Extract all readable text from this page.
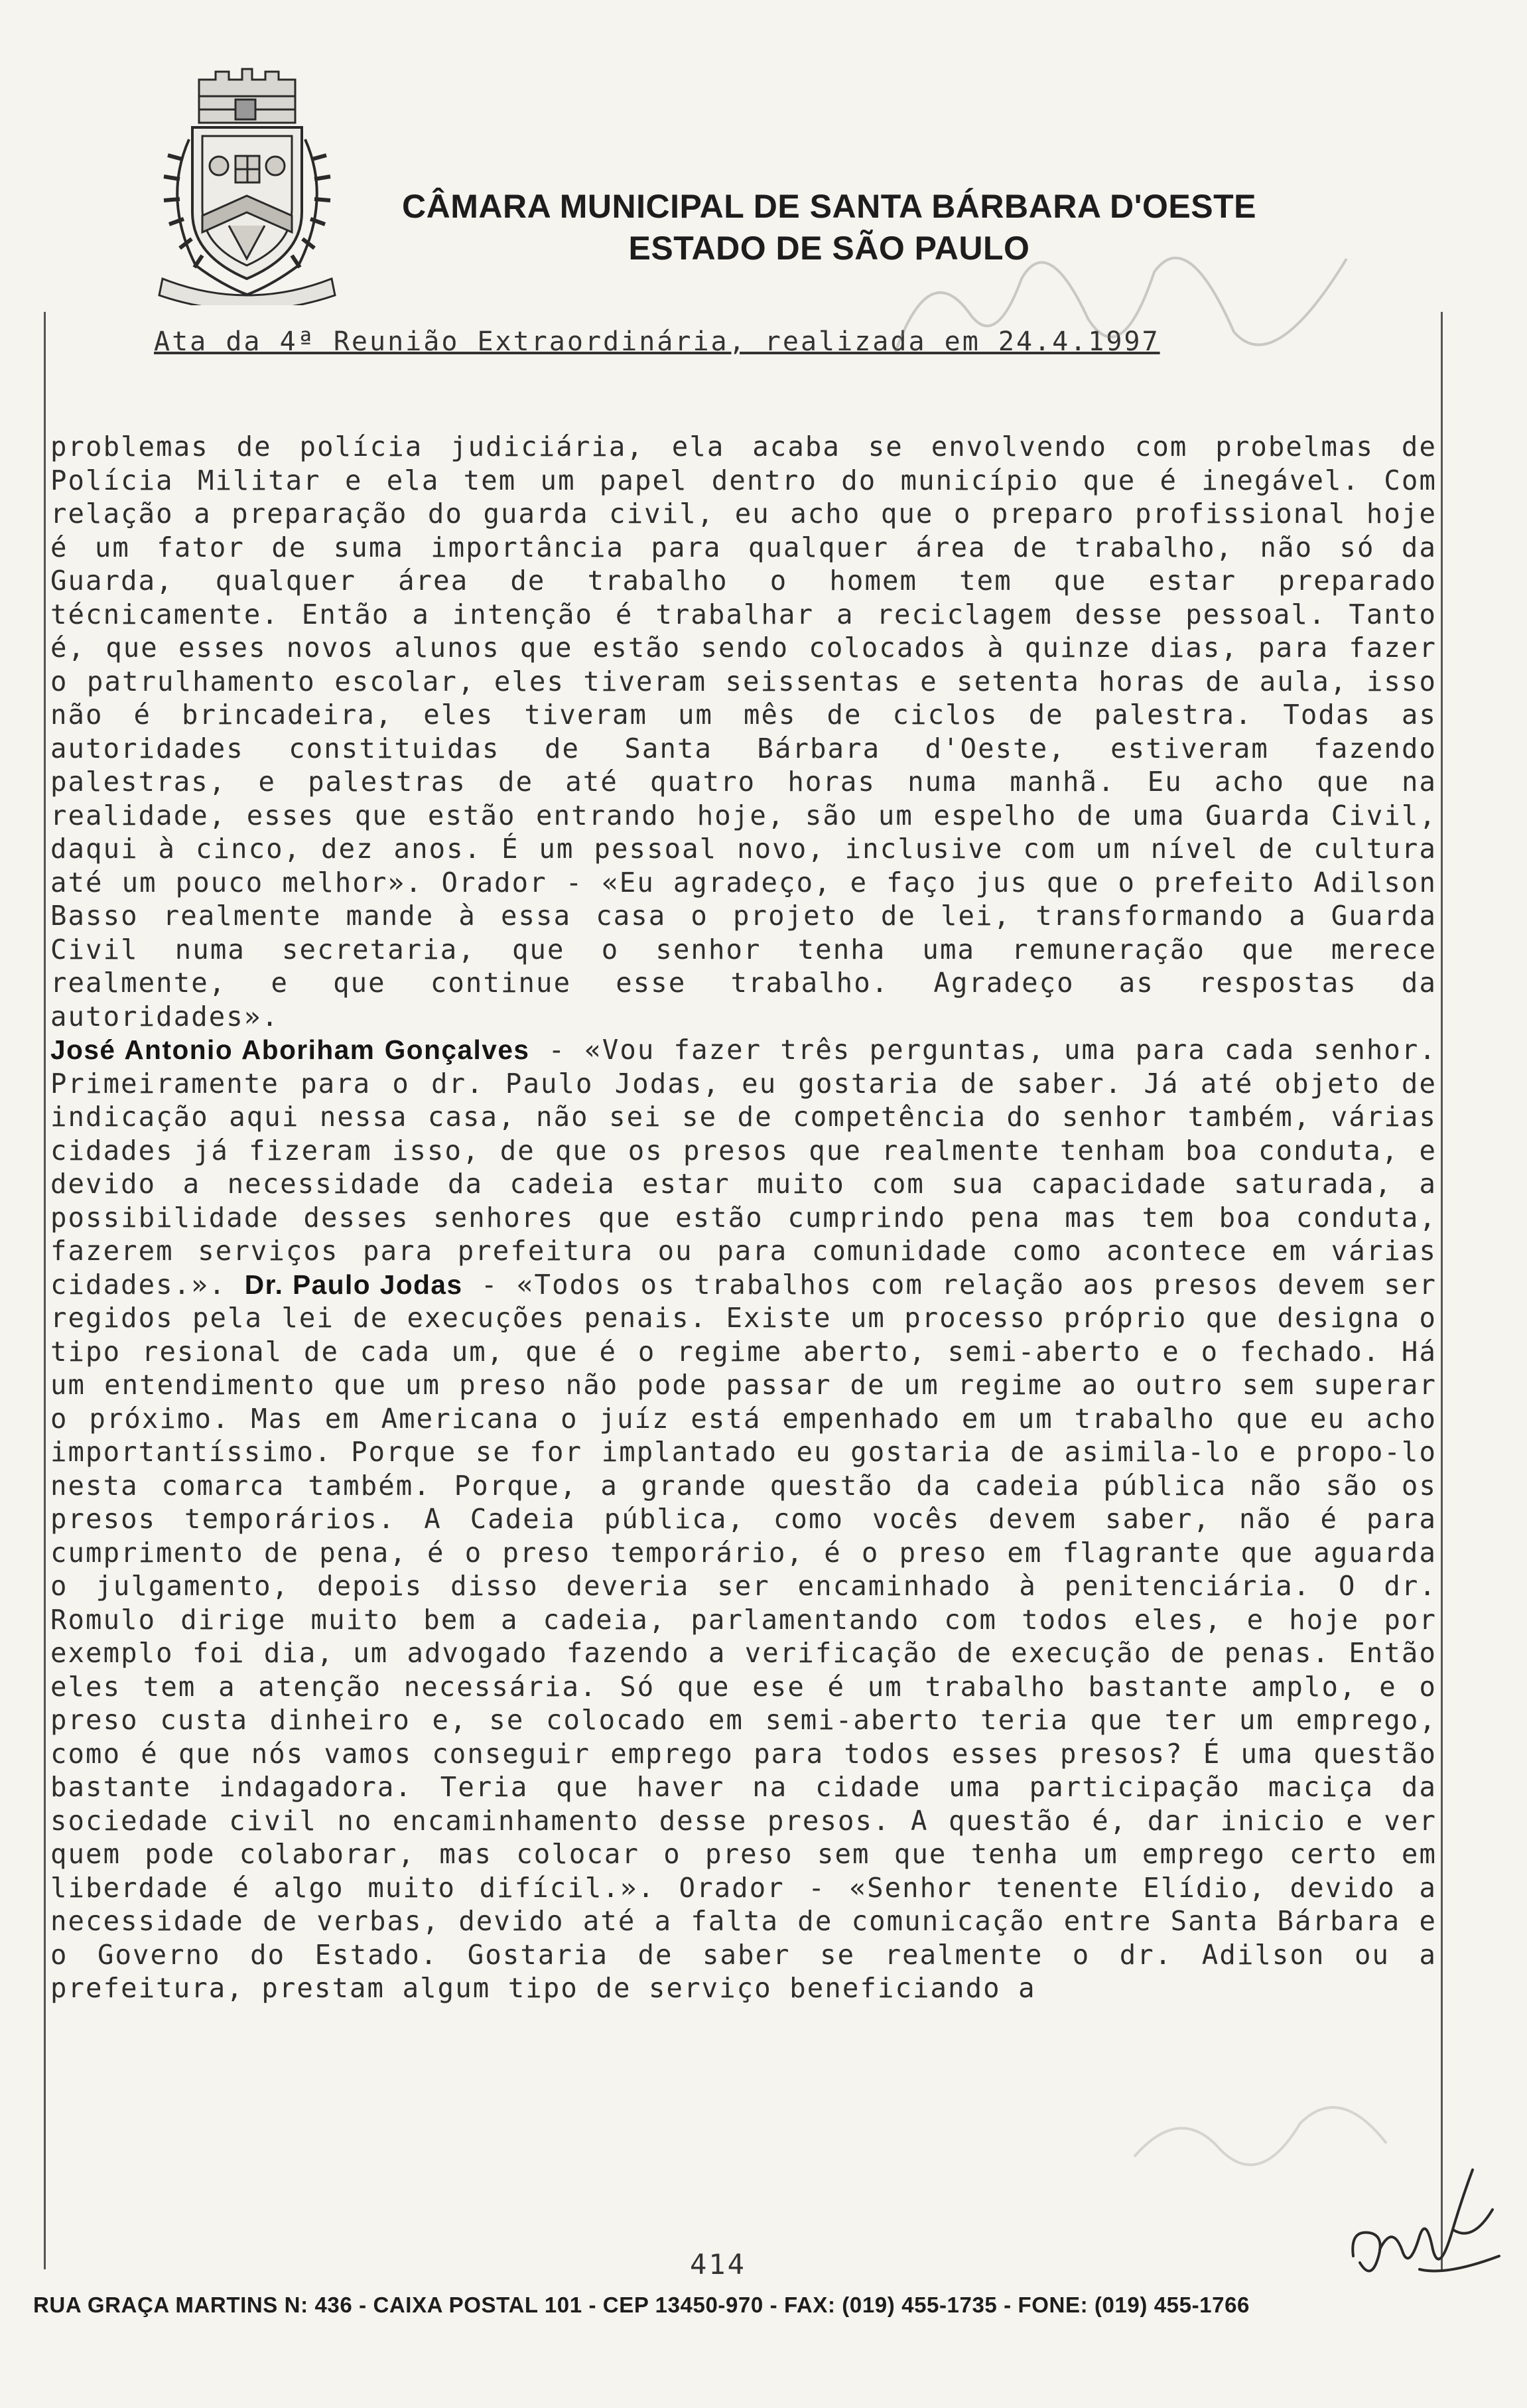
CÂMARA MUNICIPAL DE SANTA BÁRBARA D'OESTE
ESTADO DE SÃO PAULO
Ata da 4ª Reunião Extraordinária, realizada em 24.4.1997
problemas de polícia judiciária, ela acaba se envolvendo com probelmas de Polícia Militar e ela tem um papel dentro do município que é inegável. Com relação a preparação do guarda civil, eu acho que o preparo profissional hoje é um fator de suma importância para qualquer área de trabalho, não só da Guarda, qualquer área de trabalho o homem tem que estar preparado técnicamente. Então a intenção é trabalhar a reciclagem desse pessoal. Tanto é, que esses novos alunos que estão sendo colocados à quinze dias, para fazer o patrulhamento escolar, eles tiveram seissentas e setenta horas de aula, isso não é brincadeira, eles tiveram um mês de ciclos de palestra. Todas as autoridades constituidas de Santa Bárbara d'Oeste, estiveram fazendo palestras, e palestras de até quatro horas numa manhã. Eu acho que na realidade, esses que estão entrando hoje, são um espelho de uma Guarda Civil, daqui à cinco, dez anos. É um pessoal novo, inclusive com um nível de cultura até um pouco melhor». Orador - «Eu agradeço, e faço jus que o prefeito Adilson Basso realmente mande à essa casa o projeto de lei, transformando a Guarda Civil numa secretaria, que o senhor tenha uma remuneração que merece realmente, e que continue esse trabalho. Agradeço as respostas da autoridades».
José Antonio Aboriham Gonçalves - «Vou fazer três perguntas, uma para cada senhor. Primeiramente para o dr. Paulo Jodas, eu gostaria de saber. Já até objeto de indicação aqui nessa casa, não sei se de competência do senhor também, várias cidades já fizeram isso, de que os presos que realmente tenham boa conduta, e devido a necessidade da cadeia estar muito com sua capacidade saturada, a possibilidade desses senhores que estão cumprindo pena mas tem boa conduta, fazerem serviços para prefeitura ou para comunidade como acontece em várias cidades.». Dr. Paulo Jodas - «Todos os trabalhos com relação aos presos devem ser regidos pela lei de execuções penais. Existe um processo próprio que designa o tipo resional de cada um, que é o regime aberto, semi-aberto e o fechado. Há um entendimento que um preso não pode passar de um regime ao outro sem superar o próximo. Mas em Americana o juíz está empenhado em um trabalho que eu acho importantíssimo. Porque se for implantado eu gostaria de asimila-lo e propo-lo nesta comarca também. Porque, a grande questão da cadeia pública não são os presos temporários. A Cadeia pública, como vocês devem saber, não é para cumprimento de pena, é o preso temporário, é o preso em flagrante que aguarda o julgamento, depois disso deveria ser encaminhado à penitenciária. O dr. Romulo dirige muito bem a cadeia, parlamentando com todos eles, e hoje por exemplo foi dia, um advogado fazendo a verificação de execução de penas. Então eles tem a atenção necessária. Só que ese é um trabalho bastante amplo, e o preso custa dinheiro e, se colocado em semi-aberto teria que ter um emprego, como é que nós vamos conseguir emprego para todos esses presos? É uma questão bastante indagadora. Teria que haver na cidade uma participação maciça da sociedade civil no encaminhamento desse presos. A questão é, dar inicio e ver quem pode colaborar, mas colocar o preso sem que tenha um emprego certo em liberdade é algo muito difícil.». Orador - «Senhor tenente Elídio, devido a necessidade de verbas, devido até a falta de comunicação entre Santa Bárbara e o Governo do Estado. Gostaria de saber se realmente o dr. Adilson ou a prefeitura, prestam algum tipo de serviço beneficiando a
414
RUA GRAÇA MARTINS N: 436 - CAIXA POSTAL 101 - CEP 13450-970 - FAX: (019) 455-1735 - FONE: (019) 455-1766
